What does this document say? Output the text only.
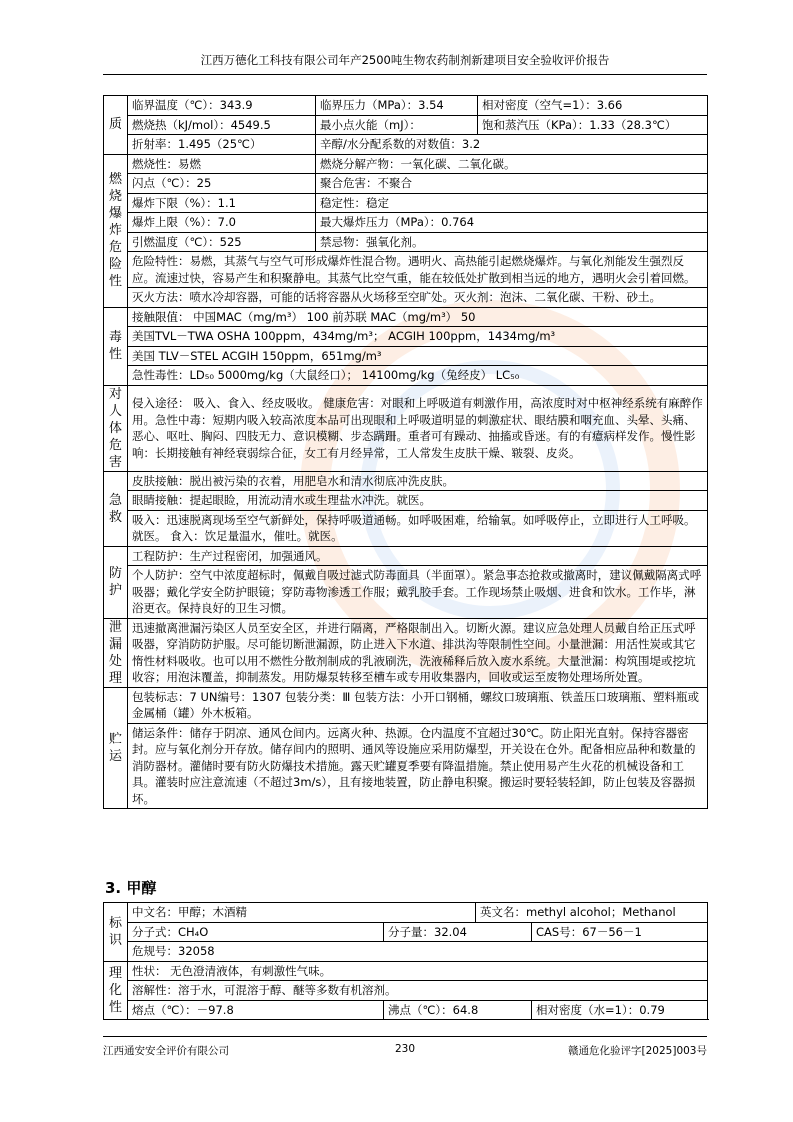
江西万德化工科技有限公司年产2500吨生物农药制剂新建项目安全验收评价报告
质	临界温度（℃）：343.9	临界压力（MPa）：3.54	相对密度（空气=1）：3.66
	燃烧热（kJ/mol）：4549.5	最小点火能（mJ）：	饱和蒸汽压（KPa）：1.33（28.3℃）
	折射率：1.495（25℃）	辛醇/水分配系数的对数值：3.2	
燃烧爆炸危险性	燃烧性：易燃	燃烧分解产物：一氧化碳、二氧化碳。	
	闪点（℃）：25	聚合危害：不聚合	
	爆炸下限（%）：1.1	稳定性：稳定	
	爆炸上限（%）：7.0	最大爆炸压力（MPa）：0.764	
	引燃温度（℃）：525	禁忌物：强氧化剂。	
	危险特性：易燃，其蒸气与空气可形成爆炸性混合物。遇明火、高热能引起燃烧爆炸。与氧化剂能发生强烈反应。流速过快，容易产生和积聚静电。其蒸气比空气重，能在较低处扩散到相当远的地方，遇明火会引着回燃。		
	灭火方法：喷水冷却容器，可能的话将容器从火场移至空旷处。灭火剂：泡沫、二氧化碳、干粉、砂土。		
毒性	接触限值： 中国MAC（mg/m³） 100 前苏联 MAC（mg/m³） 50		
	美国TVL－TWA OSHA 100ppm，434mg/m³； ACGIH 100ppm，1434mg/m³		
	美国 TLV－STEL ACGIH 150ppm，651mg/m³		
	急性毒性：LD₅₀ 5000mg/kg（大鼠经口）； 14100mg/kg（兔经皮） LC₅₀		
对人体危害	侵入途径： 吸入、食入、经皮吸收。 健康危害：对眼和上呼吸道有刺激作用，高浓度时对中枢神经系统有麻醉作用。急性中毒：短期内吸入较高浓度本品可出现眼和上呼吸道明显的刺激症状、眼结膜和咽充血、头晕、头痛、恶心、呕吐、胸闷、四肢无力、意识模糊、步态蹒跚。重者可有躁动、抽搐或昏迷。有的有癔病样发作。慢性影响：长期接触有神经衰弱综合征，女工有月经异常，工人常发生皮肤干燥、皲裂、皮炎。		
急救	皮肤接触：脱出被污染的衣着，用肥皂水和清水彻底冲洗皮肤。		
	眼睛接触：提起眼睑，用流动清水或生理盐水冲洗。就医。		
	吸入：迅速脱离现场至空气新鲜处，保持呼吸道通畅。如呼吸困难，给输氧。如呼吸停止，立即进行人工呼吸。就医。 食入：饮足量温水，催吐。就医。		
防护	工程防护：生产过程密闭，加强通风。		
	个人防护：空气中浓度超标时，佩戴自吸过滤式防毒面具（半面罩）。紧急事态抢救或撤离时，建议佩戴隔离式呼吸器；戴化学安全防护眼镜；穿防毒物渗透工作服；戴乳胶手套。工作现场禁止吸烟、进食和饮水。工作毕，淋浴更衣。保持良好的卫生习惯。		
泄漏处理	迅速撤离泄漏污染区人员至安全区，并进行隔离，严格限制出入。切断火源。建议应急处理人员戴自给正压式呼吸器，穿消防防护服。尽可能切断泄漏源，防止进入下水道、排洪沟等限制性空间。小量泄漏：用活性炭或其它惰性材料吸收。也可以用不燃性分散剂制成的乳液刷洗，洗液稀释后放入废水系统。大量泄漏：构筑围堤或挖坑收容；用泡沫覆盖，抑制蒸发。用防爆泵转移至槽车或专用收集器内，回收或运至废物处理场所处置。		
贮运	包装标志：7 UN编号：1307 包装分类：Ⅲ 包装方法：小开口钢桶，螺纹口玻璃瓶、铁盖压口玻璃瓶、塑料瓶或金属桶（罐）外木板箱。		
	储运条件：储存于阴凉、通风仓间内。远离火种、热源。仓内温度不宜超过30℃。防止阳光直射。保持容器密封。应与氧化剂分开存放。储存间内的照明、通风等设施应采用防爆型，开关设在仓外。配备相应品种和数量的消防器材。灌储时要有防火防爆技术措施。露天贮罐夏季要有降温措施。禁止使用易产生火花的机械设备和工具。灌装时应注意流速（不超过3m/s），且有接地装置，防止静电积聚。搬运时要轻装轻卸，防止包装及容器损坏。		
3. 甲醇
标识	中文名：甲醇；木酒精		英文名：methyl alcohol；Methanol	
	分子式：CH₄O	分子量：32.04		CAS号：67－56－1
	危规号：32058			
理化性	性状： 无色澄清液体，有刺激性气味。			
	溶解性：溶于水，可混溶于醇、醚等多数有机溶剂。			
	熔点（℃）：－97.8	沸点（℃）：64.8		相对密度（水=1）：0.79
江西通安安全评价有限公司	230	赣通危化验评字[2025]003号
